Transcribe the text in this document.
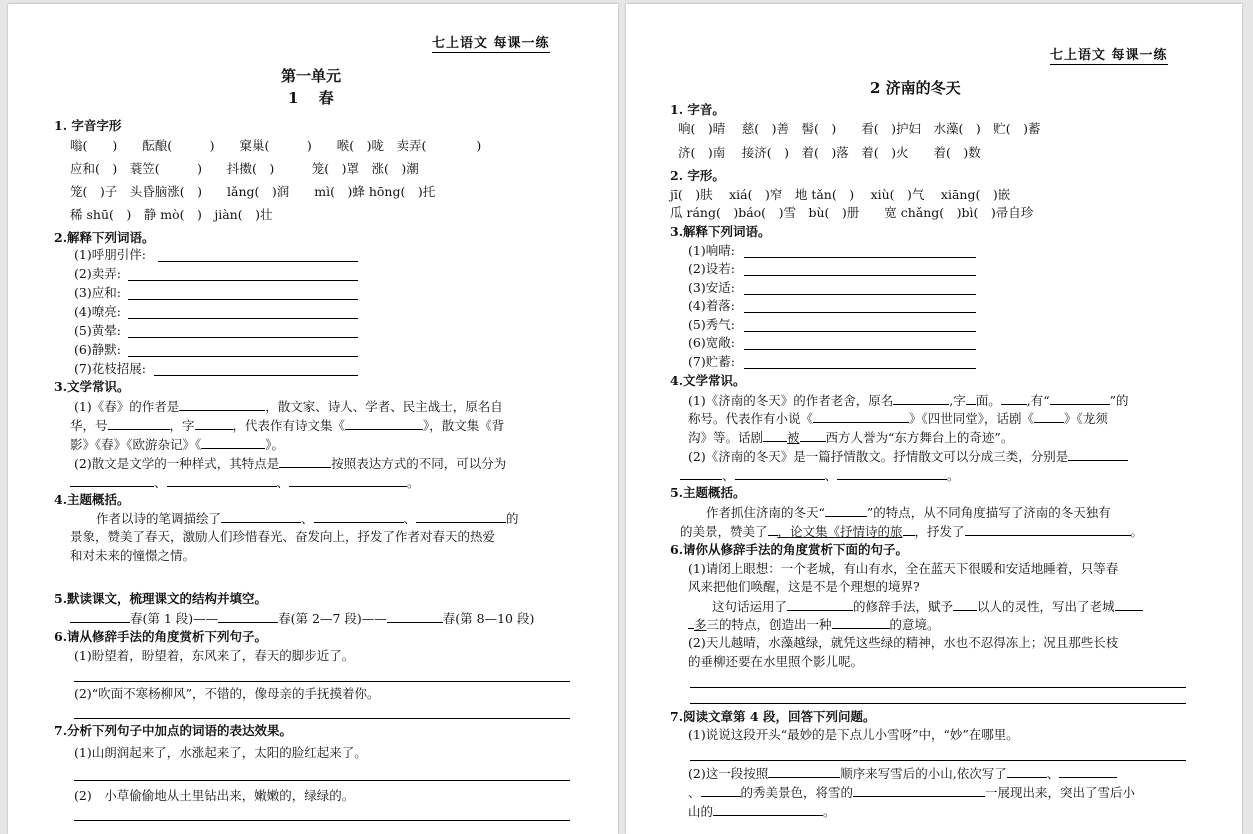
七上语文 每课一练
第一单元
1　 春
1. 字音字形
嗡(　　)　　酝酿(　　　)　　窠巢(　　　)　　喉(　)咙　卖弄(　　　　)
应和(　)　蓑笠(　　　)　　抖擞(　)　　　笼(　)罩　涨(　)潮
笼(　)子　头昏脑涨(　)　　lǎng(　)润　　mì(　)蜂 hōng(　)托
稀 shū(　)　静 mò(　)　jiàn(　)壮
2.解释下列词语。
(1)呼朋引伴:
(2)卖弄:
(3)应和:
(4)嘹亮:
(5)黄晕:
(6)静默:
(7)花枝招展:
3.文学常识。
(1)《春》的作者是	，散文家、诗人、学者、民主战士，原名自
华，号	，字	，代表作有诗文集《	》，散文集《背
影》《春》《欧游杂记》《	》。
(2)散文是文学的一种样式，其特点是	按照表达方式的不同，可以分为
、	、	。
4.主题概括。
作者以诗的笔调描绘了	、	、	的
景象，赞美了春天，激励人们珍惜春光、奋发向上，抒发了作者对春天的热爱
和对未来的憧憬之情。
5.默读课文，梳理课文的结构并填空。
春(第 1 段)——	春(第 2—7 段)——	春(第 8—10 段)
6.请从修辞手法的角度赏析下列句子。
(1)盼望着，盼望着，东风来了，春天的脚步近了。
(2)“吹面不寒杨柳风”，不错的，像母亲的手抚摸着你。
7.分析下列句子中加点的词语的表达效果。
(1)山朗润起来了，水涨起来了，太阳的脸红起来了。
(2)　小草偷偷地从土里钻出来，嫩嫩的，绿绿的。
七上语文 每课一练
2 济南的冬天
1. 字音。
响(　)晴　 慈(　)善　髻(　)　　看(　)护妇　水藻(　)　贮(　)蓄
济(　)南　 接济(　)　着(　)落　着(　)火　　着(　)数
2. 字形。
jī(　)肤　 xiá(　)窄　地 tǎn(　)　 xiù(　)气　 xiāng(　)嵌
瓜 ráng(　)báo(　)雪　bù(　)册　　宽 chǎng(　)bì(　)帚自珍
3.解释下列词语。
(1)响晴:
(2)设若:
(3)安适:
(4)着落:
(5)秀气:
(6)宽敞:
(7)贮蓄:
4.文学常识。
(1)《济南的冬天》的作者老舍，原名	,字 面。 ,有“	”的
称号。代表作有小说《	》《四世同堂》，话剧《 》《龙须
沟》等。话剧 被 西方人誉为“东方舞台上的奇迹”。
(2)《济南的冬天》是一篇抒情散文。抒情散文可以分成三类，分别是
、	、	。
5.主题概括。
作者抓住济南的冬天“	”的特点，从不同角度描写了济南的冬天独有
的美景，赞美了 ，论文集《抒情诗的旅 ，抒发了	。
6.请你从修辞手法的角度赏析下面的句子。
(1)请闭上眼想：一个老城，有山有水，全在蓝天下很暖和安适地睡着，只等春
风来把他们唤醒，这是不是个理想的境界?
这句话运用了	的修辞手法，赋予 以人的灵性，写出了老城
多三的特点，创造出一种	的意境。
(2)天儿越晴，水藻越绿，就凭这些绿的精神，水也不忍得冻上；况且那些长枝
的垂柳还要在水里照个影儿呢。
7.阅读文章第 4 段，回答下列问题。
(1)说说这段开头“最妙的是下点儿小雪呀”中，“妙”在哪里。
(2)这一段按照	顺序来写雪后的小山,依次写了	、
、	的秀美景色，将雪的	一展现出来，突出了雪后小
山的	。
